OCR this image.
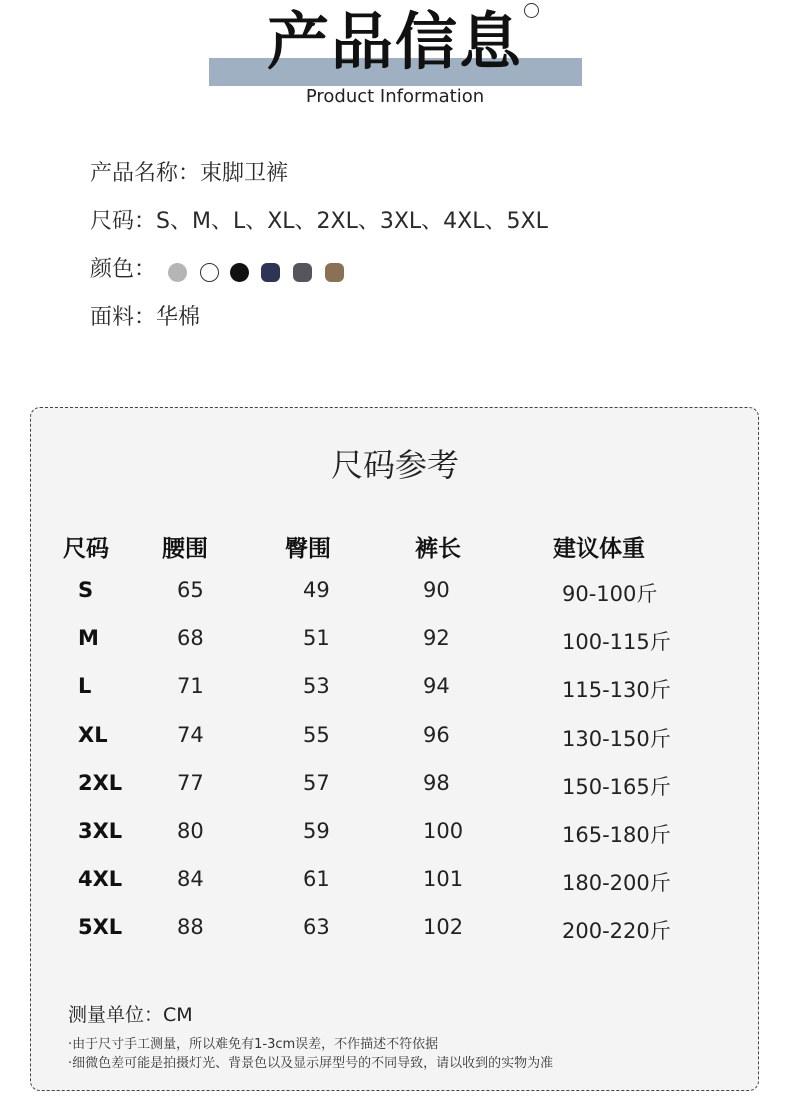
产品信息
Product Information
产品名称：束脚卫裤
尺码：S、M、L、XL、2XL、3XL、4XL、5XL
颜色：
面料：华棉
尺码参考
尺码 腰围	臀围	裤长	建议体重
S	65	49	90	90-100斤
M	68	51	92	100-115斤
L	71	53	94	115-130斤
XL	74	55	96	130-150斤
2XL	77	57	98	150-165斤
3XL	80	59	100	165-180斤
4XL	84	61	101	180-200斤
5XL	88	63	102	200-220斤
测量单位：CM
·由于尺寸手工测量，所以难免有1-3cm误差，不作描述不符依据
·细微色差可能是拍摄灯光、背景色以及显示屏型号的不同导致，请以收到的实物为准
